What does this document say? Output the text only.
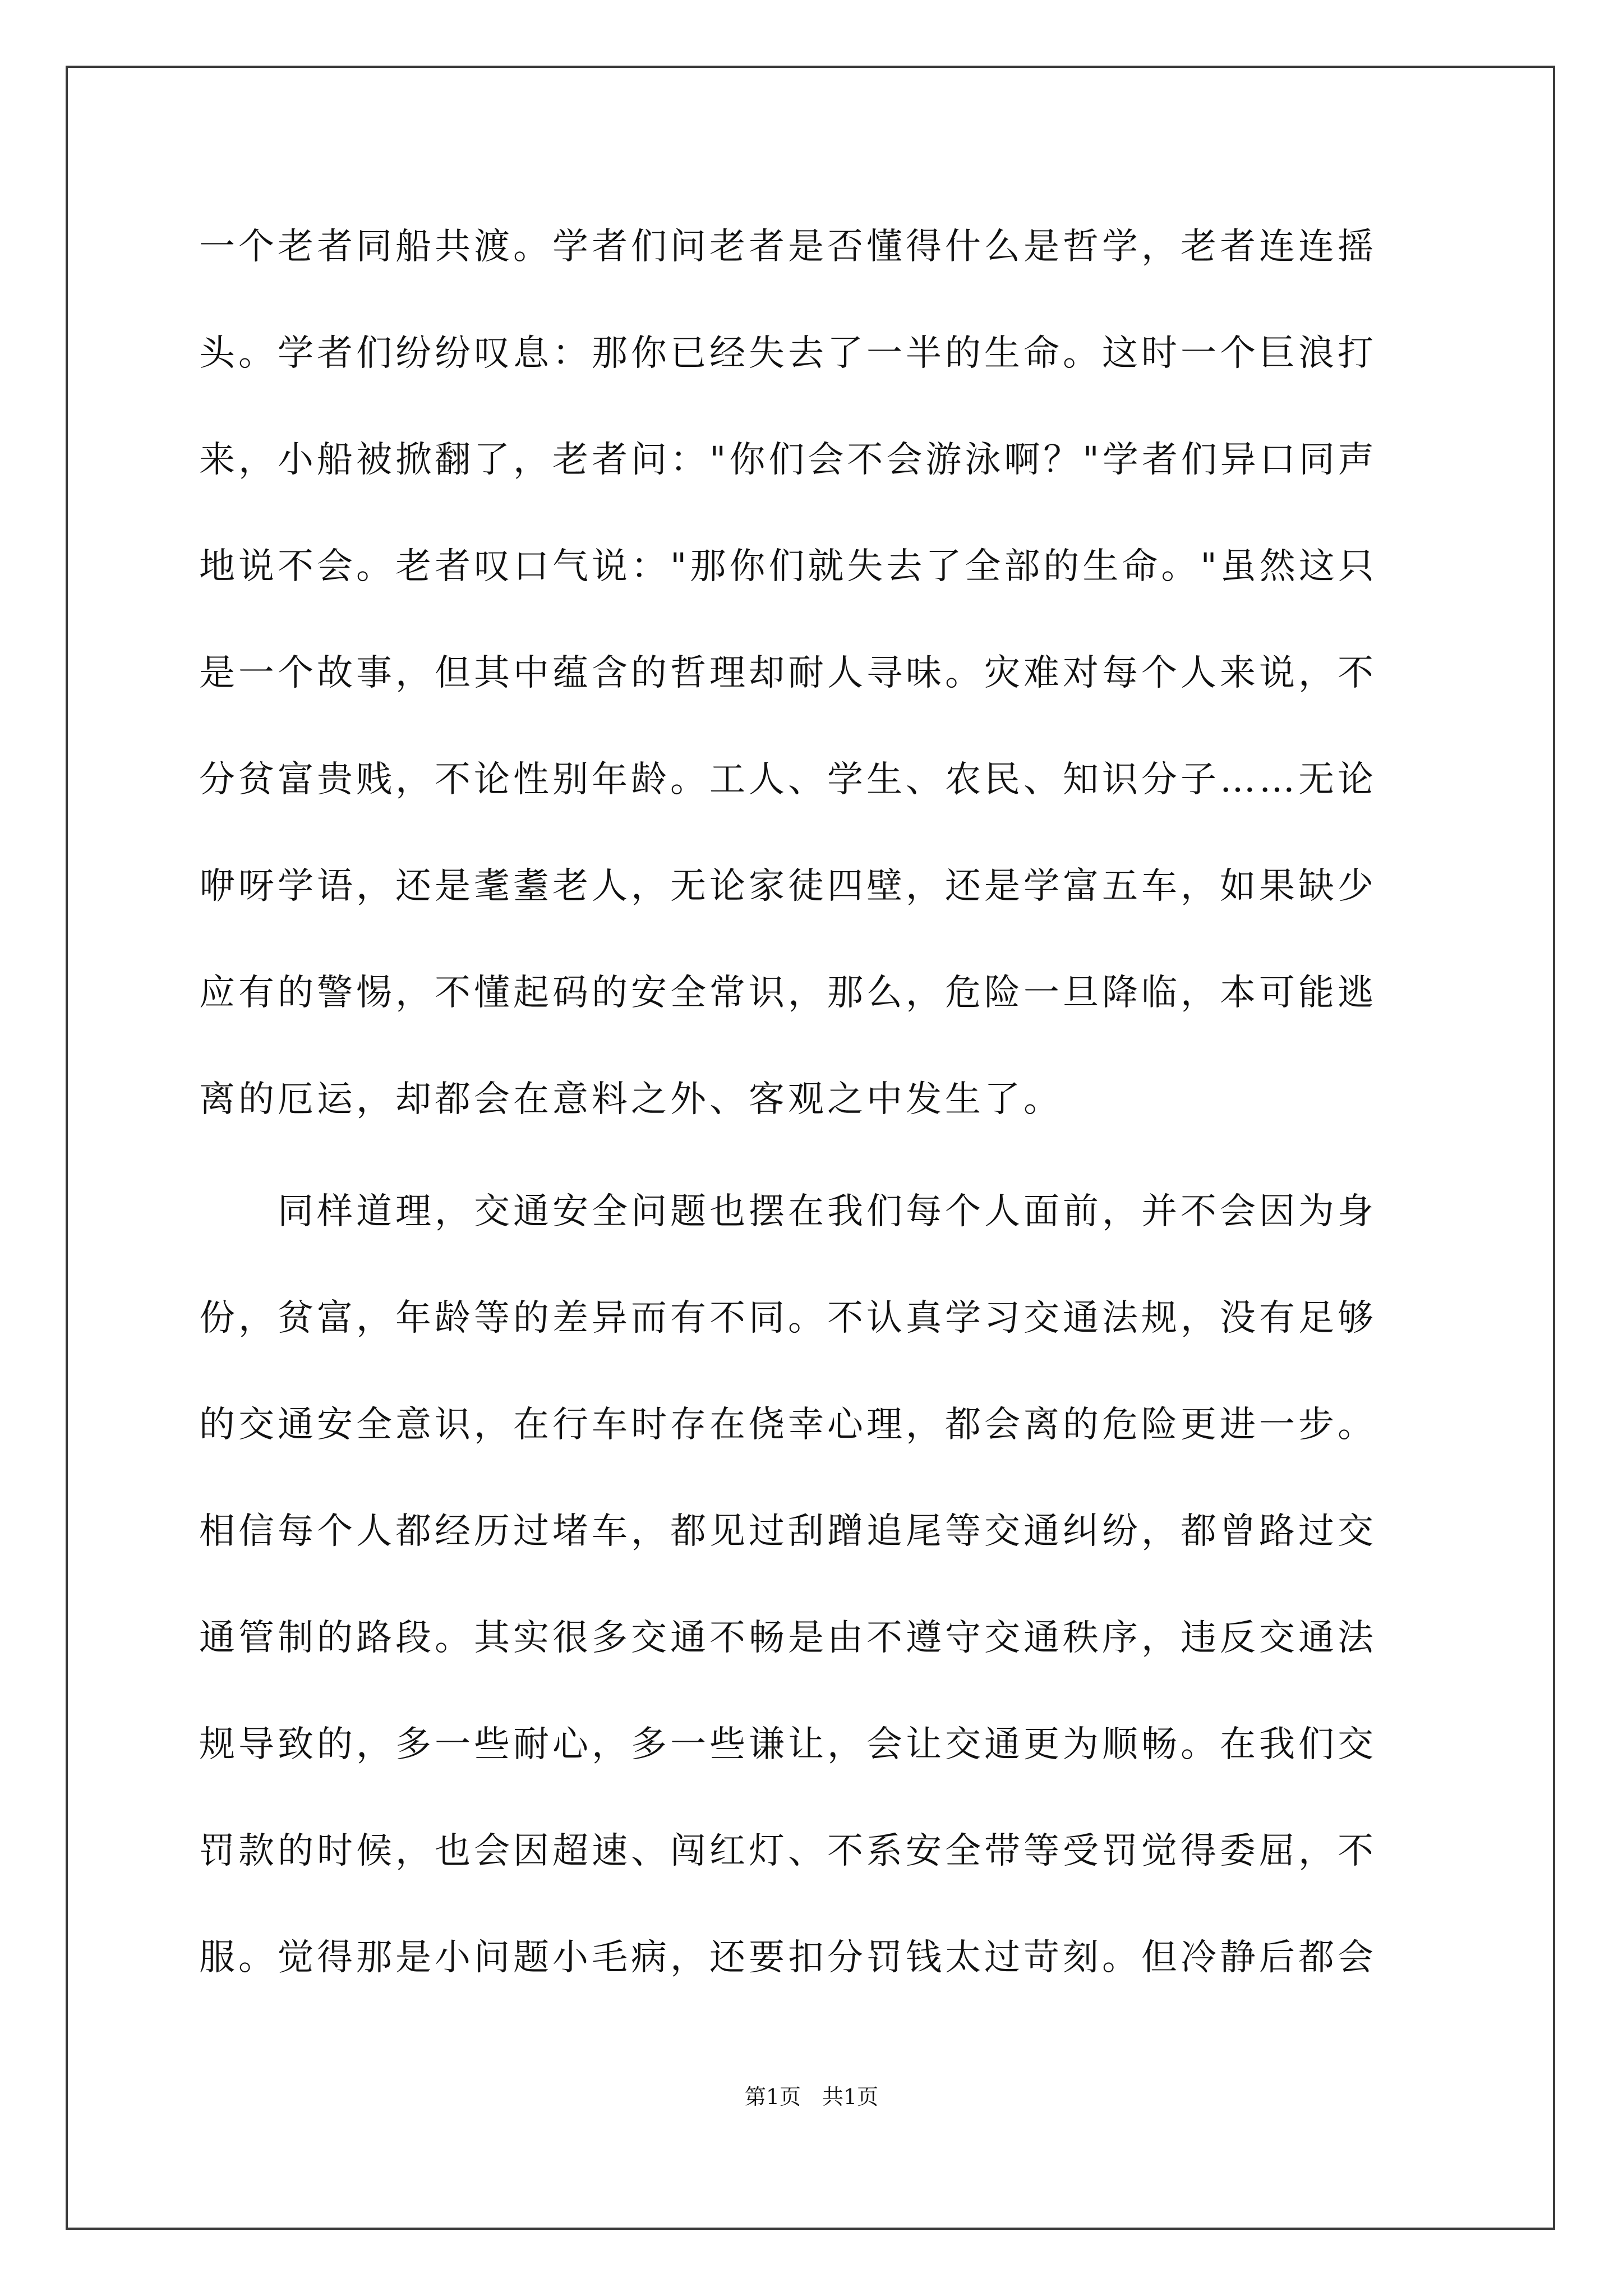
一个老者同船共渡。学者们问老者是否懂得什么是哲学，老者连连摇
头。学者们纷纷叹息：那你已经失去了一半的生命。这时一个巨浪打
来，小船被掀翻了，老者问："你们会不会游泳啊？"学者们异口同声
地说不会。老者叹口气说："那你们就失去了全部的生命。"虽然这只
是一个故事，但其中蕴含的哲理却耐人寻味。灾难对每个人来说，不
分贫富贵贱，不论性别年龄。工人、学生、农民、知识分子……无论
咿呀学语，还是耄耋老人，无论家徒四壁，还是学富五车，如果缺少
应有的警惕，不懂起码的安全常识，那么，危险一旦降临，本可能逃
离的厄运，却都会在意料之外、客观之中发生了。
　　同样道理，交通安全问题也摆在我们每个人面前，并不会因为身
份，贫富，年龄等的差异而有不同。不认真学习交通法规，没有足够
的交通安全意识，在行车时存在侥幸心理，都会离的危险更进一步。
相信每个人都经历过堵车，都见过刮蹭追尾等交通纠纷，都曾路过交
通管制的路段。其实很多交通不畅是由不遵守交通秩序，违反交通法
规导致的，多一些耐心，多一些谦让，会让交通更为顺畅。在我们交
罚款的时候，也会因超速、闯红灯、不系安全带等受罚觉得委屈，不
服。觉得那是小问题小毛病，还要扣分罚钱太过苛刻。但冷静后都会
第1页　共1页
